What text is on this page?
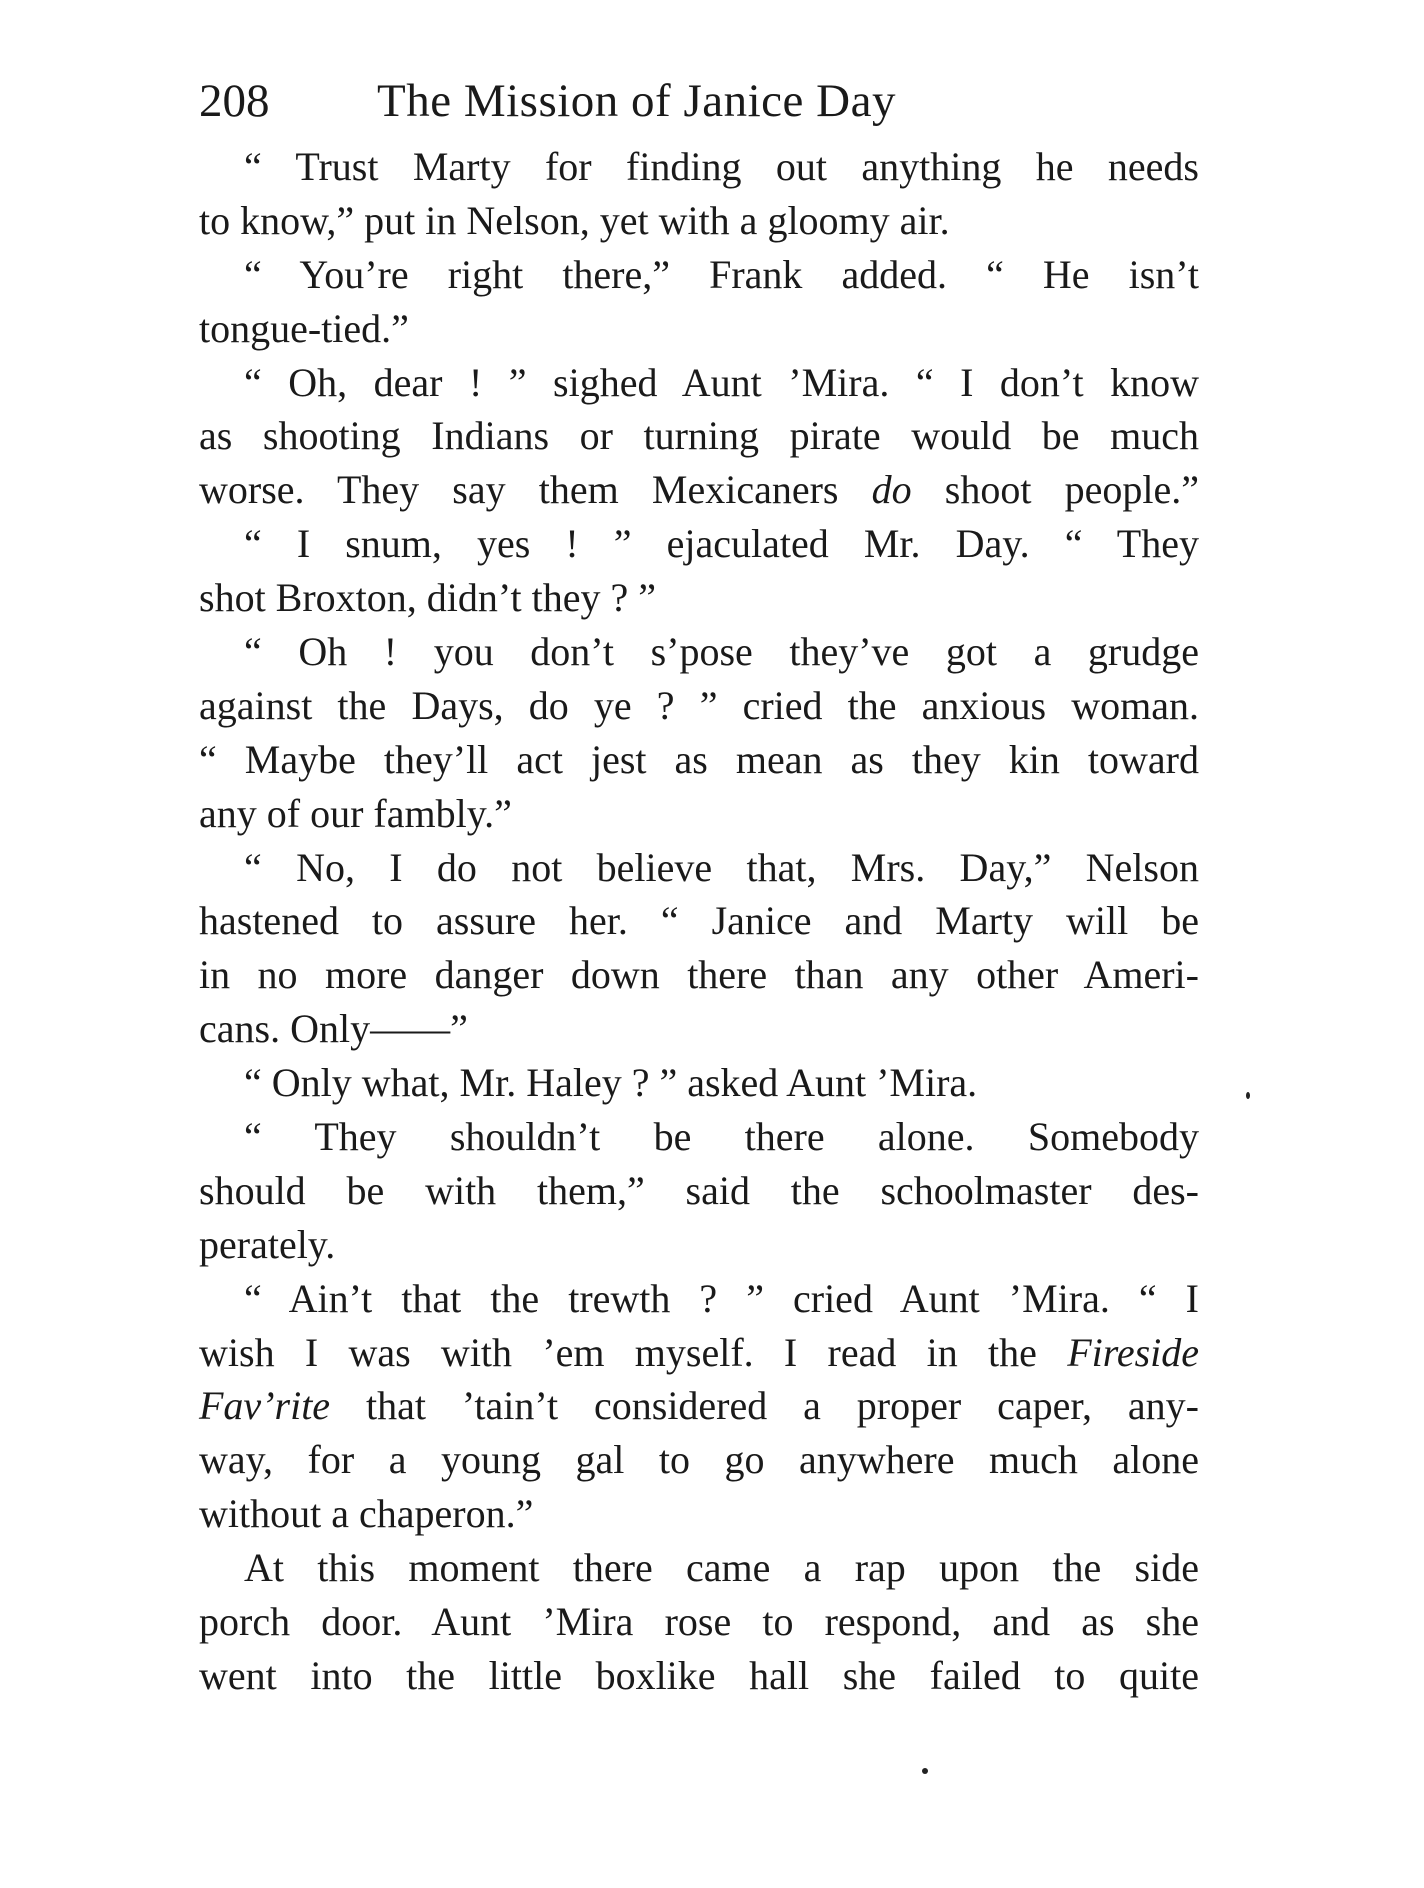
208	The Mission of Janice Day
“ Trust Marty for finding out anything he needs
to know,” put in Nelson, yet with a gloomy air.
“ You’re right there,” Frank added. “ He isn’t
tongue-tied.”
“ Oh, dear ! ” sighed Aunt ’Mira. “ I don’t know
as shooting Indians or turning pirate would be much
worse. They say them Mexicaners do shoot people.”
“ I snum, yes ! ” ejaculated Mr. Day. “ They
shot Broxton, didn’t they ? ”
“ Oh ! you don’t s’pose they’ve got a grudge
against the Days, do ye ? ” cried the anxious woman.
“ Maybe they’ll act jest as mean as they kin toward
any of our fambly.”
“ No, I do not believe that, Mrs. Day,” Nelson
hastened to assure her. “ Janice and Marty will be
in no more danger down there than any other Ameri-
cans. Only——”
“ Only what, Mr. Haley ? ” asked Aunt ’Mira.
“ They shouldn’t be there alone. Somebody
should be with them,” said the schoolmaster des-
perately.
“ Ain’t that the trewth ? ” cried Aunt ’Mira. “ I
wish I was with ’em myself. I read in the Fireside
Fav’rite that ’tain’t considered a proper caper, any-
way, for a young gal to go anywhere much alone
without a chaperon.”
At this moment there came a rap upon the side
porch door. Aunt ’Mira rose to respond, and as she
went into the little boxlike hall she failed to quite
